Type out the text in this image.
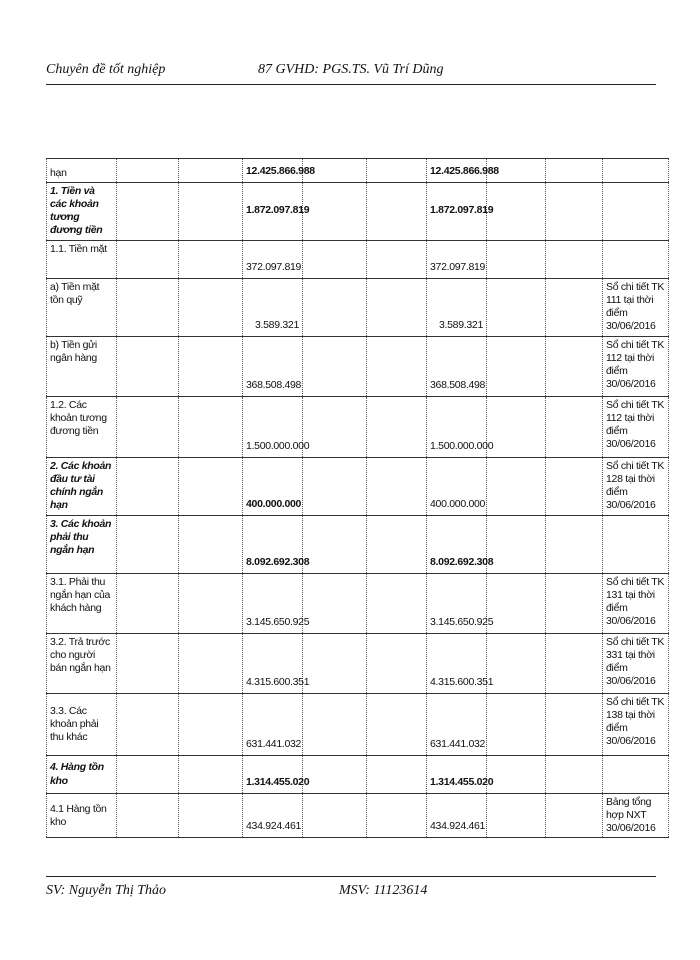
Chuyên đề tốt nghiệp	87 GVHD: PGS.TS. Vũ Trí Dũng
hạn			12.425.866.988			12.425.866.988			
1. Tiền và các khoản tương đương tiền			1.872.097.819			1.872.097.819			
1.1. Tiền mặt			372.097.819			372.097.819			
a) Tiền mặt tồn quỹ			3.589.321			3.589.321			Sổ chi tiết TK 111 tại thời điểm 30/06/2016
b) Tiền gửi ngân hàng			368.508.498			368.508.498			Sổ chi tiết TK 112 tại thời điểm 30/06/2016
1.2. Các khoản tương đương tiền			1.500.000.000			1.500.000.000			Sổ chi tiết TK 112 tại thời điểm 30/06/2016
2. Các khoản đầu tư tài chính ngắn hạn			400.000.000			400.000.000			Sổ chi tiết TK 128 tại thời điểm 30/06/2016
3. Các khoản phải thu ngắn hạn			8.092.692.308			8.092.692.308			
3.1. Phải thu ngắn hạn của khách hàng			3.145.650.925			3.145.650.925			Sổ chi tiết TK 131 tại thời điểm 30/06/2016
3.2. Trả trước cho người bán ngắn hạn			4.315.600.351			4.315.600.351			Sổ chi tiết TK 331 tại thời điểm 30/06/2016
3.3. Các khoản phải thu khác			631.441.032			631.441.032			Sổ chi tiết TK 138 tại thời điểm 30/06/2016
4. Hàng tồn kho			1.314.455.020			1.314.455.020			
4.1 Hàng tồn kho			434.924.461			434.924.461			Bảng tổng hợp NXT 30/06/2016
SV: Nguyễn Thị Thảo	MSV: 11123614
